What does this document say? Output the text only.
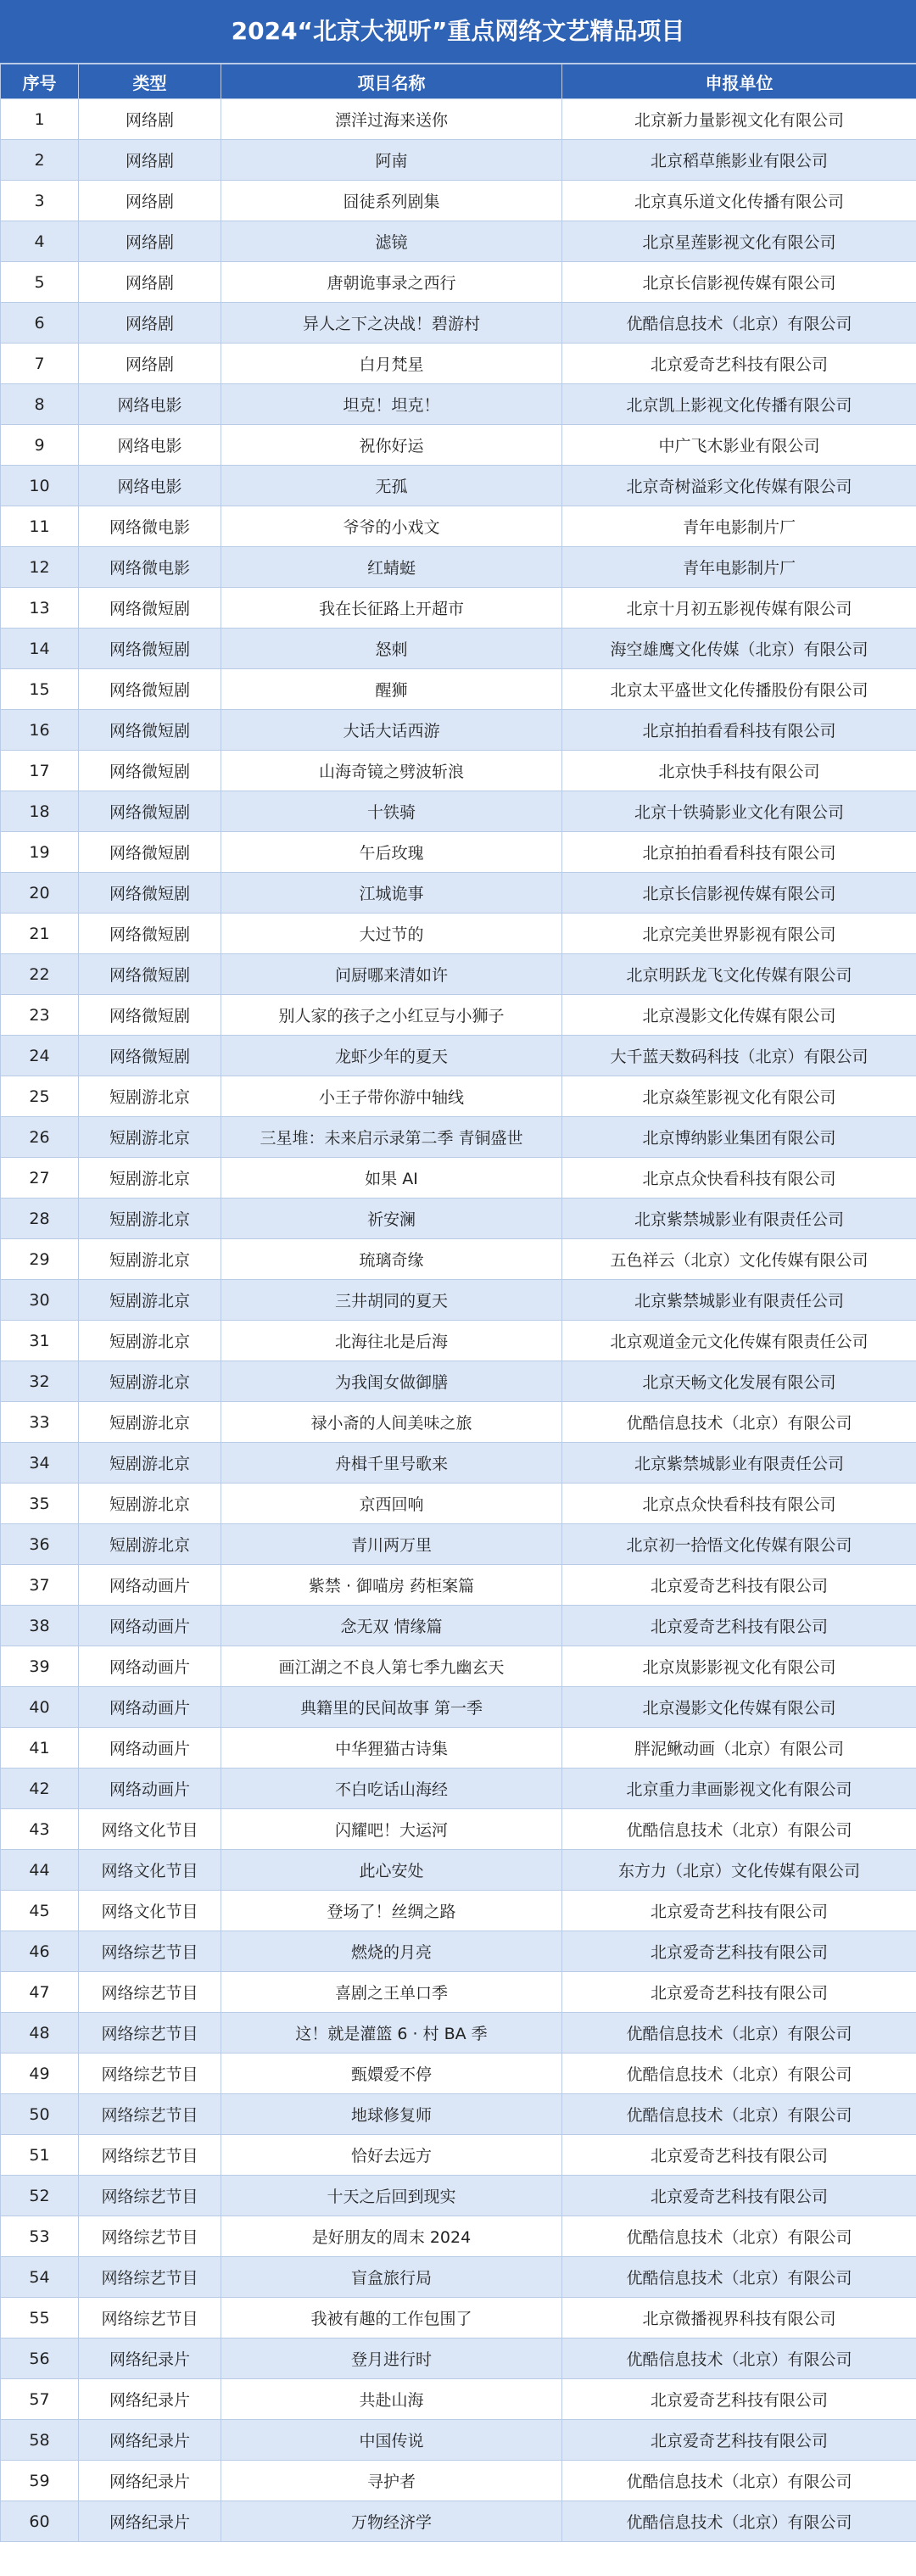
2024“北京大视听”重点网络文艺精品项目
序号	类型	项目名称	申报单位
1	网络剧	漂洋过海来送你	北京新力量影视文化有限公司
2	网络剧	阿南	北京稻草熊影业有限公司
3	网络剧	囧徒系列剧集	北京真乐道文化传播有限公司
4	网络剧	滤镜	北京星莲影视文化有限公司
5	网络剧	唐朝诡事录之西行	北京长信影视传媒有限公司
6	网络剧	异人之下之决战！碧游村	优酷信息技术（北京）有限公司
7	网络剧	白月梵星	北京爱奇艺科技有限公司
8	网络电影	坦克！坦克！	北京凯上影视文化传播有限公司
9	网络电影	祝你好运	中广飞木影业有限公司
10	网络电影	无孤	北京奇树溢彩文化传媒有限公司
11	网络微电影	爷爷的小戏文	青年电影制片厂
12	网络微电影	红蜻蜓	青年电影制片厂
13	网络微短剧	我在长征路上开超市	北京十月初五影视传媒有限公司
14	网络微短剧	怒刺	海空雄鹰文化传媒（北京）有限公司
15	网络微短剧	醒狮	北京太平盛世文化传播股份有限公司
16	网络微短剧	大话大话西游	北京拍拍看看科技有限公司
17	网络微短剧	山海奇镜之劈波斩浪	北京快手科技有限公司
18	网络微短剧	十铁骑	北京十铁骑影业文化有限公司
19	网络微短剧	午后玫瑰	北京拍拍看看科技有限公司
20	网络微短剧	江城诡事	北京长信影视传媒有限公司
21	网络微短剧	大过节的	北京完美世界影视有限公司
22	网络微短剧	问厨哪来清如许	北京明跃龙飞文化传媒有限公司
23	网络微短剧	别人家的孩子之小红豆与小狮子	北京漫影文化传媒有限公司
24	网络微短剧	龙虾少年的夏天	大千蓝天数码科技（北京）有限公司
25	短剧游北京	小王子带你游中轴线	北京焱笙影视文化有限公司
26	短剧游北京	三星堆：未来启示录第二季 青铜盛世	北京博纳影业集团有限公司
27	短剧游北京	如果 AI	北京点众快看科技有限公司
28	短剧游北京	祈安澜	北京紫禁城影业有限责任公司
29	短剧游北京	琉璃奇缘	五色祥云（北京）文化传媒有限公司
30	短剧游北京	三井胡同的夏天	北京紫禁城影业有限责任公司
31	短剧游北京	北海往北是后海	北京观道金元文化传媒有限责任公司
32	短剧游北京	为我闺女做御膳	北京天畅文化发展有限公司
33	短剧游北京	禄小斋的人间美味之旅	优酷信息技术（北京）有限公司
34	短剧游北京	舟楫千里号歌来	北京紫禁城影业有限责任公司
35	短剧游北京	京西回响	北京点众快看科技有限公司
36	短剧游北京	青川两万里	北京初一拾悟文化传媒有限公司
37	网络动画片	紫禁 · 御喵房 药柜案篇	北京爱奇艺科技有限公司
38	网络动画片	念无双 情缘篇	北京爱奇艺科技有限公司
39	网络动画片	画江湖之不良人第七季九幽玄天	北京岚影影视文化有限公司
40	网络动画片	典籍里的民间故事 第一季	北京漫影文化传媒有限公司
41	网络动画片	中华狸猫古诗集	胖泥鳅动画（北京）有限公司
42	网络动画片	不白吃话山海经	北京重力聿画影视文化有限公司
43	网络文化节目	闪耀吧！大运河	优酷信息技术（北京）有限公司
44	网络文化节目	此心安处	东方力（北京）文化传媒有限公司
45	网络文化节目	登场了！丝绸之路	北京爱奇艺科技有限公司
46	网络综艺节目	燃烧的月亮	北京爱奇艺科技有限公司
47	网络综艺节目	喜剧之王单口季	北京爱奇艺科技有限公司
48	网络综艺节目	这！就是灌篮 6 · 村 BA 季	优酷信息技术（北京）有限公司
49	网络综艺节目	甄嬛爱不停	优酷信息技术（北京）有限公司
50	网络综艺节目	地球修复师	优酷信息技术（北京）有限公司
51	网络综艺节目	恰好去远方	北京爱奇艺科技有限公司
52	网络综艺节目	十天之后回到现实	北京爱奇艺科技有限公司
53	网络综艺节目	是好朋友的周末 2024	优酷信息技术（北京）有限公司
54	网络综艺节目	盲盒旅行局	优酷信息技术（北京）有限公司
55	网络综艺节目	我被有趣的工作包围了	北京微播视界科技有限公司
56	网络纪录片	登月进行时	优酷信息技术（北京）有限公司
57	网络纪录片	共赴山海	北京爱奇艺科技有限公司
58	网络纪录片	中国传说	北京爱奇艺科技有限公司
59	网络纪录片	寻护者	优酷信息技术（北京）有限公司
60	网络纪录片	万物经济学	优酷信息技术（北京）有限公司
